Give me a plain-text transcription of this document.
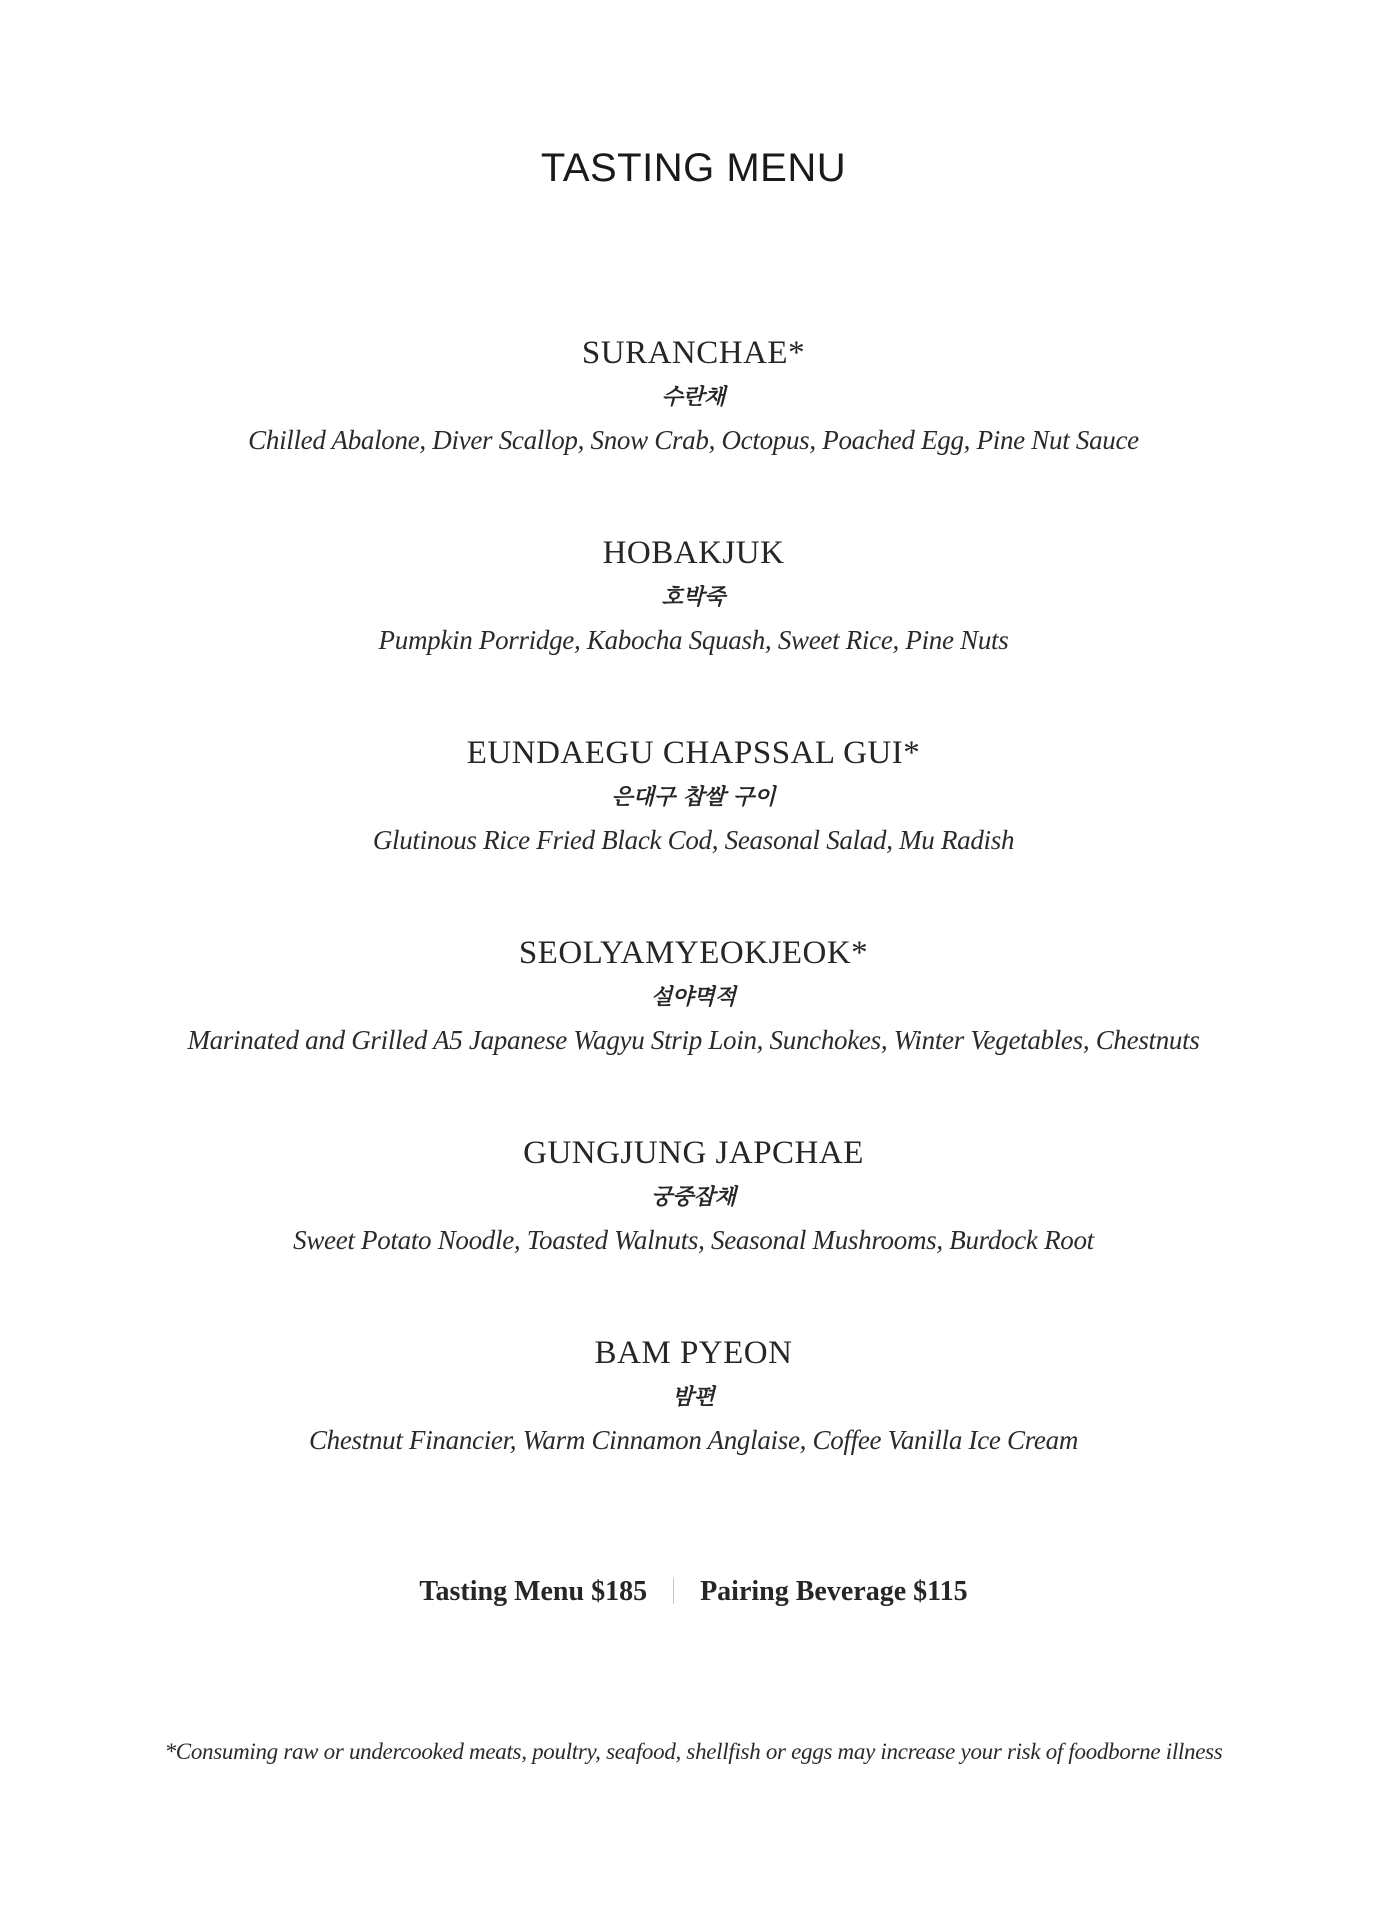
TASTING MENU
SURANCHAE*
수란채
Chilled Abalone, Diver Scallop, Snow Crab, Octopus, Poached Egg, Pine Nut Sauce
HOBAKJUK
호박죽
Pumpkin Porridge, Kabocha Squash, Sweet Rice, Pine Nuts
EUNDAEGU CHAPSSAL GUI*
은대구 찹쌀 구이
Glutinous Rice Fried Black Cod, Seasonal Salad, Mu Radish
SEOLYAMYEOKJEOK*
설야멱적
Marinated and Grilled A5 Japanese Wagyu Strip Loin, Sunchokes, Winter Vegetables, Chestnuts
GUNGJUNG JAPCHAE
궁중잡채
Sweet Potato Noodle, Toasted Walnuts, Seasonal Mushrooms, Burdock Root
BAM PYEON
밤편
Chestnut Financier, Warm Cinnamon Anglaise, Coffee Vanilla Ice Cream
Tasting Menu $185 Pairing Beverage $115
*Consuming raw or undercooked meats, poultry, seafood, shellfish or eggs may increase your risk of foodborne illness
